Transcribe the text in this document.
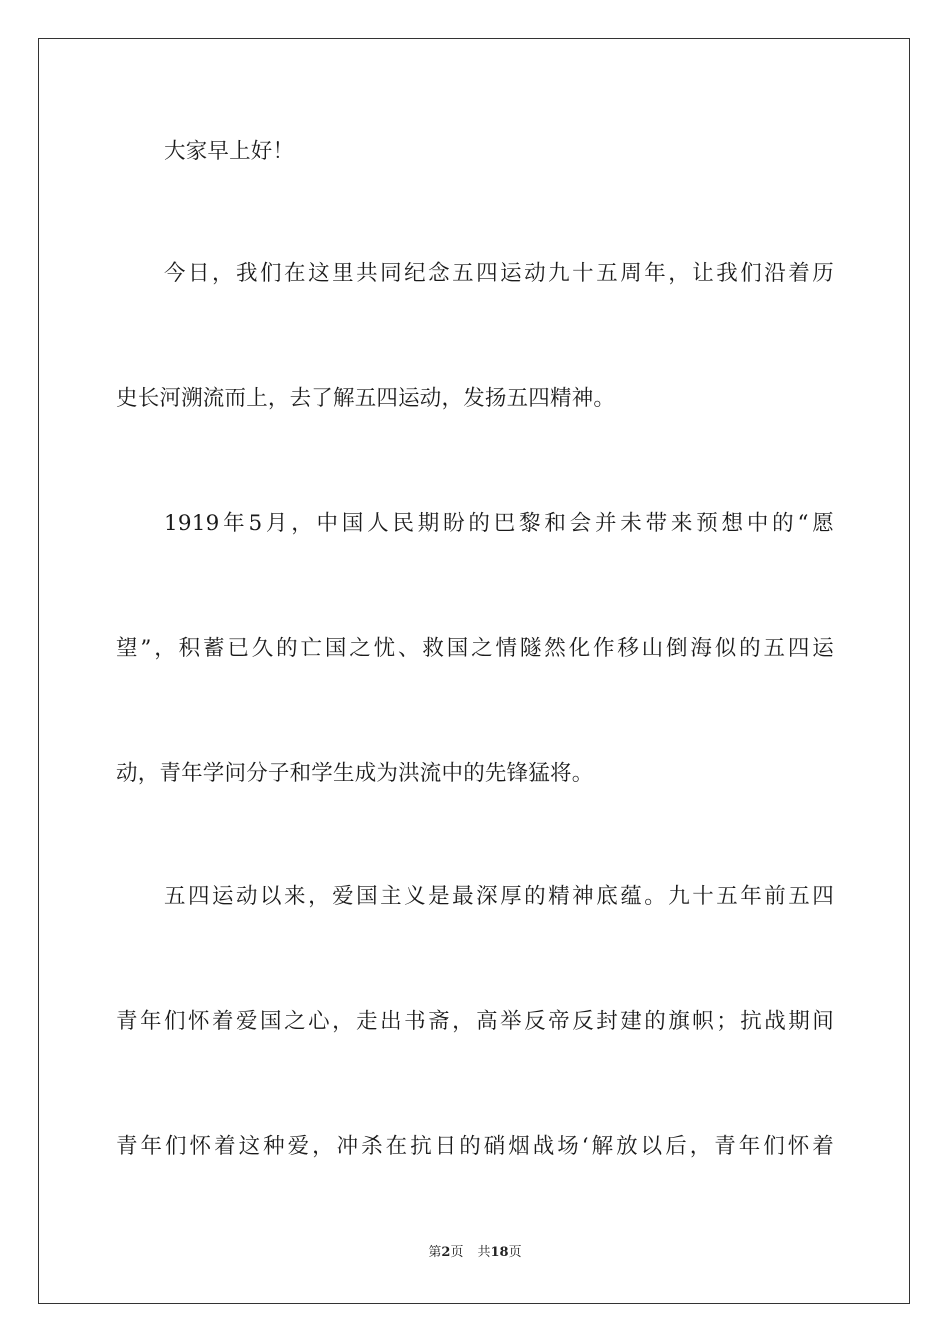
大家早上好！
今日，我们在这里共同纪念五四运动九十五周年，让我们沿着历
史长河溯流而上，去了解五四运动，发扬五四精神。
1919年5月，中国人民期盼的巴黎和会并未带来预想中的“愿
望”，积蓄已久的亡国之忧、救国之情隧然化作移山倒海似的五四运
动，青年学问分子和学生成为洪流中的先锋猛将。
五四运动以来，爱国主义是最深厚的精神底蕴。九十五年前五四
青年们怀着爱国之心，走出书斋，高举反帝反封建的旗帜；抗战期间
青年们怀着这种爱，冲杀在抗日的硝烟战场‘解放以后，青年们怀着
第2页 共18页
